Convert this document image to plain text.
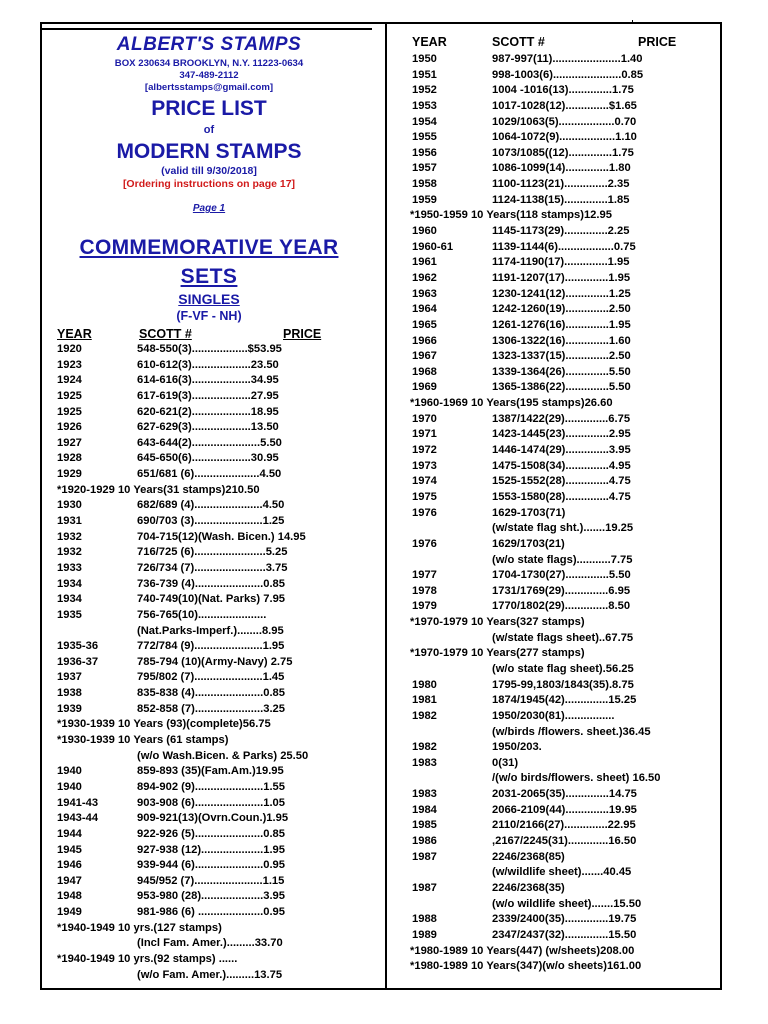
ALBERT'S STAMPS
BOX 230634 BROOKLYN, N.Y. 11223-0634
347-489-2112
[albertsstamps@gmail.com]
PRICE LIST
of
MODERN STAMPS
(valid till 9/30/2018]
[Ordering instructions on page 17]
Page 1
COMMEMORATIVE YEAR
SETS
SINGLES
(F-VF - NH)
YEAR	SCOTT #	PRICE
1920	548-550(3)..................$53.95
1923	610-612(3)...................23.50
1924	614-616(3)...................34.95
1925	617-619(3)...................27.95
1925	620-621(2)...................18.95
1926	627-629(3)...................13.50
1927	643-644(2)......................5.50
1928	645-650(6)...................30.95
1929	651/681 (6).....................4.50
*1920-1929 10 Years(31 stamps)210.50
1930	682/689 (4)......................4.50
1931	690/703 (3)......................1.25
1932	704-715(12)(Wash. Bicen.) 14.95
1932	716/725 (6).......................5.25
1933	726/734 (7).......................3.75
1934	736-739 (4)......................0.85
1934	740-749(10)(Nat. Parks) 7.95
1935	756-765(10)......................
(Nat.Parks-Imperf.)........8.95
1935-36	772/784 (9)......................1.95
1936-37	785-794 (10)(Army-Navy) 2.75
1937	795/802 (7)......................1.45
1938	835-838 (4)......................0.85
1939	852-858 (7)......................3.25
*1930-1939 10 Years (93)(complete)56.75
*1930-1939 10 Years (61 stamps)
(w/o Wash.Bicen. & Parks) 25.50
1940	859-893 (35)(Fam.Am.)19.95
1940	894-902 (9)......................1.55
1941-43	903-908 (6)......................1.05
1943-44	909-921(13)(Ovrn.Coun.)1.95
1944	922-926 (5)......................0.85
1945	927-938 (12)....................1.95
1946	939-944 (6)......................0.95
1947	945/952 (7)......................1.15
1948	953-980 (28)....................3.95
1949	981-986 (6) .....................0.95
*1940-1949 10 yrs.(127 stamps)
(Incl Fam. Amer.).........33.70
*1940-1949 10 yrs.(92 stamps) ......
(w/o Fam. Amer.).........13.75
YEAR	SCOTT #	PRICE
1950	987-997(11)......................1.40
1951	998-1003(6)......................0.85
1952	1004 -1016(13)..............1.75
1953	1017-1028(12)..............$1.65
1954	1029/1063(5)..................0.70
1955	1064-1072(9)..................1.10
1956	1073/1085((12)..............1.75
1957	1086-1099(14)..............1.80
1958	1100-1123(21)..............2.35
1959	1124-1138(15)..............1.85
*1950-1959 10 Years(118 stamps)12.95
1960	1145-1173(29)..............2.25
1960-61	1139-1144(6)..................0.75
1961	1174-1190(17)..............1.95
1962	1191-1207(17)..............1.95
1963	1230-1241(12)..............1.25
1964	1242-1260(19)..............2.50
1965	1261-1276(16)..............1.95
1966	1306-1322(16)..............1.60
1967	1323-1337(15)..............2.50
1968	1339-1364(26)..............5.50
1969	1365-1386(22)..............5.50
*1960-1969 10 Years(195 stamps)26.60
1970	1387/1422(29)..............6.75
1971	1423-1445(23)..............2.95
1972	1446-1474(29)..............3.95
1973	1475-1508(34)..............4.95
1974	1525-1552(28)..............4.75
1975	1553-1580(28)..............4.75
1976	1629-1703(71)
(w/state flag sht.).......19.25
1976	1629/1703(21)
(w/o state flags)...........7.75
1977	1704-1730(27)..............5.50
1978	1731/1769(29)..............6.95
1979	1770/1802(29)..............8.50
*1970-1979 10 Years(327 stamps)
(w/state flags sheet)..67.75
*1970-1979 10 Years(277 stamps)
(w/o state flag sheet).56.25
1980	1795-99,1803/1843(35).8.75
1981	1874/1945(42)..............15.25
1982	1950/2030(81)................
(w/birds /flowers. sheet.)36.45
1982	1950/203.
1983	0(31)
/(w/o birds/flowers. sheet) 16.50
1983	2031-2065(35)..............14.75
1984	2066-2109(44)..............19.95
1985	2110/2166(27)..............22.95
1986	,2167/2245(31).............16.50
1987	2246/2368(85)
(w/wildlife sheet).......40.45
1987	2246/2368(35)
(w/o wildlife sheet).......15.50
1988	2339/2400(35)..............19.75
1989	2347/2437(32)..............15.50
*1980-1989 10 Years(447) (w/sheets)208.00
*1980-1989 10 Years(347)(w/o sheets)161.00
